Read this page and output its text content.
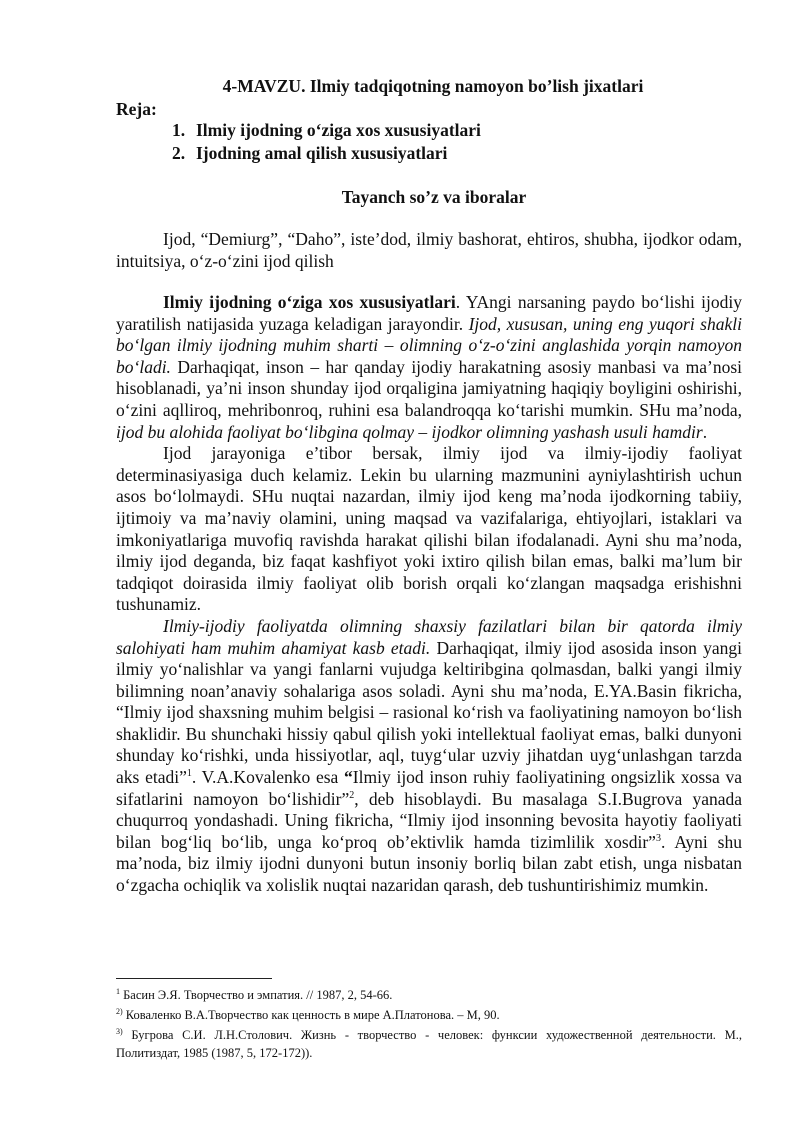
4-MAVZU. Ilmiy tadqiqotning namoyon bo’lish jixatlari
Reja:
1. Ilmiy ijodning o‘ziga xos xususiyatlari
2. Ijodning amal qilish xususiyatlari
Tayanch so’z va iboralar

Ijod, “Demiurg”, “Daho”, iste’dod, ilmiy bashorat, ehtiros, shubha, ijodkor odam, intuitsiya, o‘z-o‘zini ijod qilish

Ilmiy ijodning o‘ziga xos xususiyatlari. YAngi narsaning paydo bo‘lishi ijodiy yaratilish natijasida yuzaga keladigan jarayondir. Ijod, xususan, uning eng yuqori shakli bo‘lgan ilmiy ijodning muhim sharti – olimning o‘z-o‘zini anglashida yorqin namoyon bo‘ladi. Darhaqiqat, inson – har qanday ijodiy harakatning asosiy manbasi va ma’nosi hisoblanadi, ya’ni inson shunday ijod orqaligina jamiyatning haqiqiy boyligini oshirishi, o‘zini aqlliroq, mehribonroq, ruhini esa balandroqqa ko‘tarishi mumkin. SHu ma’noda, ijod bu alohida faoliyat bo‘libgina qolmay – ijodkor olimning yashash usuli hamdir.

Ijod jarayoniga e’tibor bersak, ilmiy ijod va ilmiy-ijodiy faoliyat determinasiyasiga duch kelamiz. Lekin bu ularning mazmunini ayniylashtirish uchun asos bo‘lolmaydi. SHu nuqtai nazardan, ilmiy ijod keng ma’noda ijodkorning tabiiy, ijtimoiy va ma’naviy olamini, uning maqsad va vazifalariga, ehtiyojlari, istaklari va imkoniyatlariga muvofiq ravishda harakat qilishi bilan ifodalanadi. Ayni shu ma’noda, ilmiy ijod deganda, biz faqat kashfiyot yoki ixtiro qilish bilan emas, balki ma’lum bir tadqiqot doirasida ilmiy faoliyat olib borish orqali ko‘zlangan maqsadga erishishni tushunamiz.

Ilmiy-ijodiy faoliyatda olimning shaxsiy fazilatlari bilan bir qatorda ilmiy salohiyati ham muhim ahamiyat kasb etadi. Darhaqiqat, ilmiy ijod asosida inson yangi ilmiy yo‘nalishlar va yangi fanlarni vujudga keltiribgina qolmasdan, balki yangi ilmiy bilimning noan’anaviy sohalariga asos soladi. Ayni shu ma’noda, E.YA.Basin fikricha, “Ilmiy ijod shaxsning muhim belgisi – rasional ko‘rish va faoliyatining namoyon bo‘lish shaklidir. Bu shunchaki hissiy qabul qilish yoki intellektual faoliyat emas, balki dunyoni shunday ko‘rishki, unda hissiyotlar, aql, tuyg‘ular uzviy jihatdan uyg‘unlashgan tarzda aks etadi”$^1$. V.A.Kovalenko esa “Ilmiy ijod inson ruhiy faoliyatining ongsizlik xossa va sifatlarini namoyon bo‘lishidir”$^2$, deb hisoblaydi. Bu masalaga S.I.Bugrova yanada chuqurroq yondashadi. Uning fikricha, “Ilmiy ijod insonning bevosita hayotiy faoliyati bilan bog‘liq bo‘lib, unga ko‘proq ob’ektivlik hamda tizimlilik xosdir”$^3$. Ayni shu ma’noda, biz ilmiy ijodni dunyoni butun insoniy borliq bilan zabt etish, unga nisbatan o‘zgacha ochiqlik va xolislik nuqtai nazaridan qarash, deb tushuntirishimiz mumkin.

$^1$ Басин Э.Я. Творчество и эмпатия. // 1987, 2, 54-66.
$^{2)}$ Коваленко В.А.Творчество как ценность в мире А.Платонова. – М, 90.
$^{3)}$ Бугрова С.И. Л.Н.Столович. Жизнь - творчество - человек: функсии художественной деятельности. М., Политиздат, 1985 (1987, 5, 172-172)).
